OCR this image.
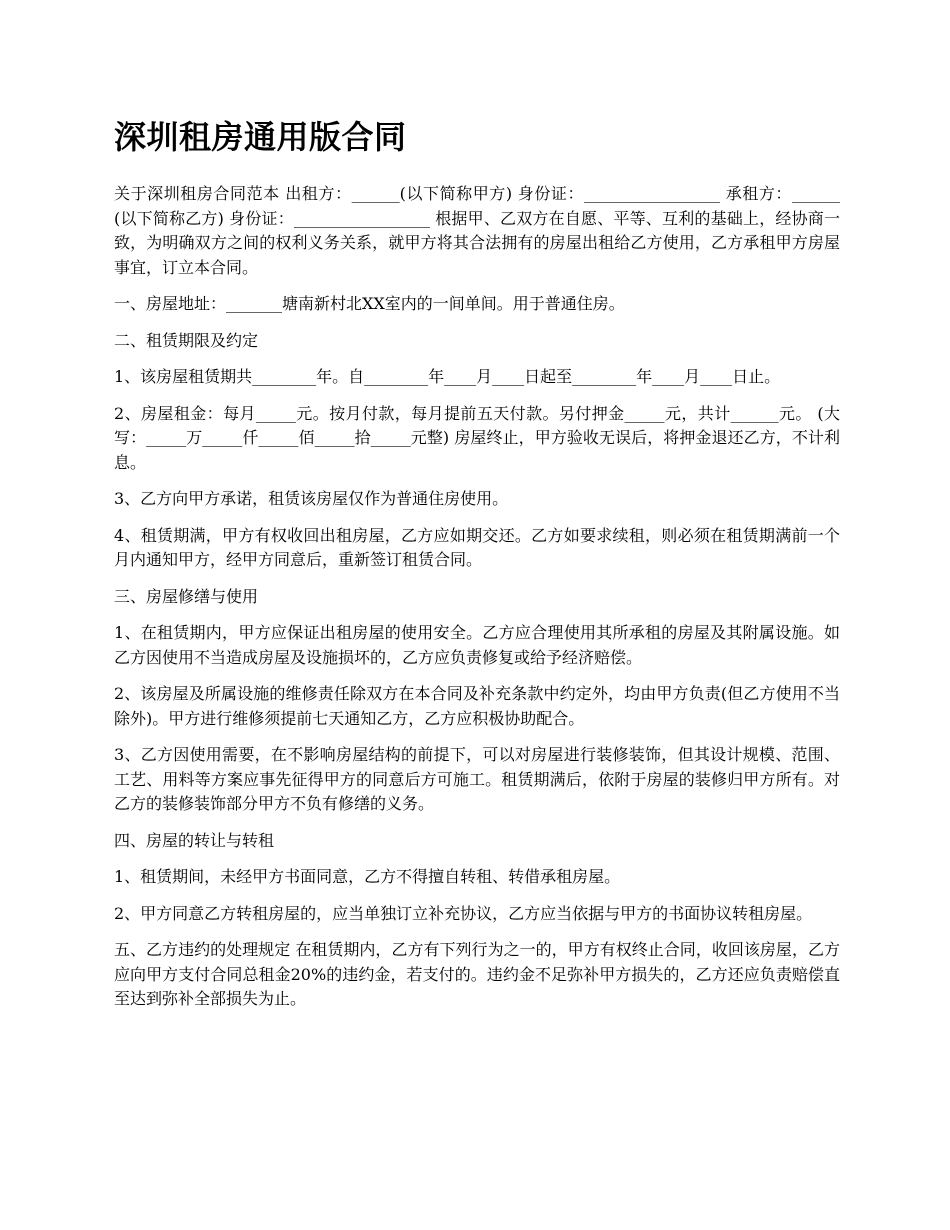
深圳租房通用版合同

关于深圳租房合同范本 出租方：______(以下简称甲方) 身份证：_________________ 承租方：______(以下简称乙方) 身份证：_________________ 根据甲、乙双方在自愿、平等、互利的基础上，经协商一致，为明确双方之间的权利义务关系，就甲方将其合法拥有的房屋出租给乙方使用，乙方承租甲方房屋事宜，订立本合同。

一、房屋地址：_______塘南新村北XX室内的一间单间。用于普通住房。

二、租赁期限及约定

1、该房屋租赁期共________年。自________年____月____日起至________年____月____日止。

2、房屋租金：每月_____元。按月付款，每月提前五天付款。另付押金_____元，共计______元。 (大写：_____万_____仟_____佰_____拾_____元整) 房屋终止，甲方验收无误后，将押金退还乙方，不计利息。

3、乙方向甲方承诺，租赁该房屋仅作为普通住房使用。

4、租赁期满，甲方有权收回出租房屋，乙方应如期交还。乙方如要求续租，则必须在租赁期满前一个月内通知甲方，经甲方同意后，重新签订租赁合同。

三、房屋修缮与使用

1、在租赁期内，甲方应保证出租房屋的使用安全。乙方应合理使用其所承租的房屋及其附属设施。如乙方因使用不当造成房屋及设施损坏的，乙方应负责修复或给予经济赔偿。

2、该房屋及所属设施的维修责任除双方在本合同及补充条款中约定外，均由甲方负责(但乙方使用不当除外)。甲方进行维修须提前七天通知乙方，乙方应积极协助配合。

3、乙方因使用需要，在不影响房屋结构的前提下，可以对房屋进行装修装饰，但其设计规模、范围、工艺、用料等方案应事先征得甲方的同意后方可施工。租赁期满后，依附于房屋的装修归甲方所有。对乙方的装修装饰部分甲方不负有修缮的义务。

四、房屋的转让与转租

1、租赁期间，未经甲方书面同意，乙方不得擅自转租、转借承租房屋。

2、甲方同意乙方转租房屋的，应当单独订立补充协议，乙方应当依据与甲方的书面协议转租房屋。

五、乙方违约的处理规定 在租赁期内，乙方有下列行为之一的，甲方有权终止合同，收回该房屋，乙方应向甲方支付合同总租金20%的违约金，若支付的。违约金不足弥补甲方损失的，乙方还应负责赔偿直至达到弥补全部损失为止。
